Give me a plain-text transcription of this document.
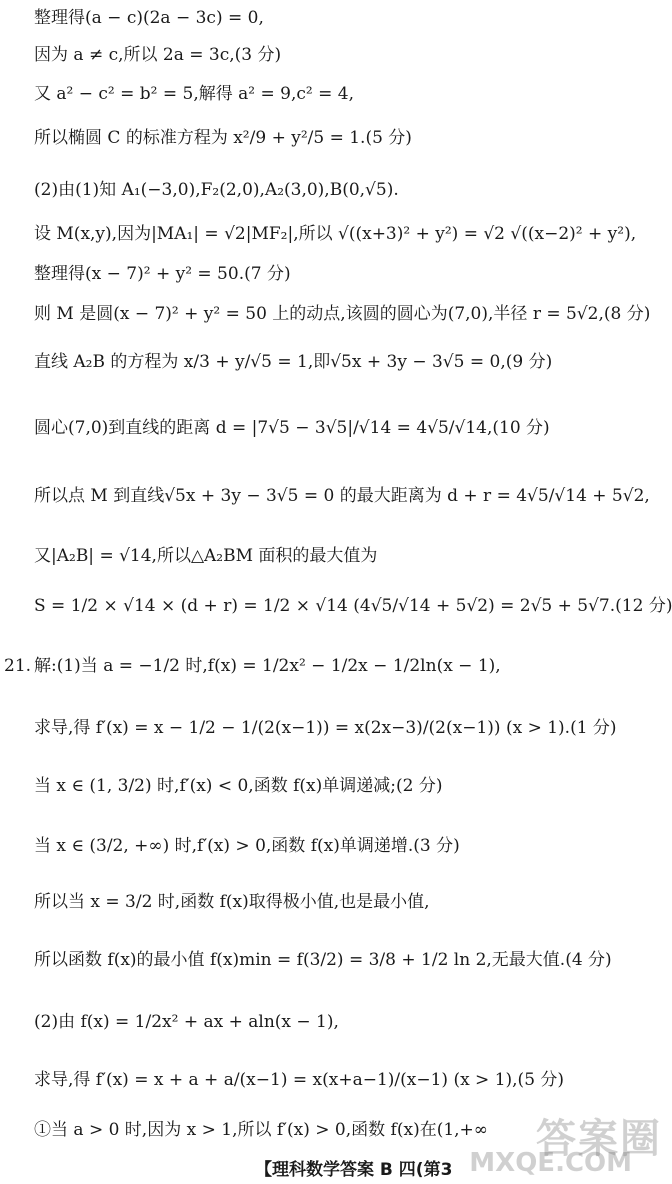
整理得(a − c)(2a − 3c) = 0,
因为 a ≠ c,所以 2a = 3c,(3 分)
又 a² − c² = b² = 5,解得 a² = 9,c² = 4,
所以椭圆 C 的标准方程为 x²/9 + y²/5 = 1.(5 分)
(2)由(1)知 A₁(−3,0),F₂(2,0),A₂(3,0),B(0,√5).
设 M(x,y),因为|MA₁| = √2|MF₂|,所以 √((x+3)² + y²) = √2 √((x−2)² + y²),
整理得(x − 7)² + y² = 50.(7 分)
则 M 是圆(x − 7)² + y² = 50 上的动点,该圆的圆心为(7,0),半径 r = 5√2,(8 分)
直线 A₂B 的方程为 x/3 + y/√5 = 1,即√5x + 3y − 3√5 = 0,(9 分)
圆心(7,0)到直线的距离 d = |7√5 − 3√5|/√14 = 4√5/√14,(10 分)
所以点 M 到直线√5x + 3y − 3√5 = 0 的最大距离为 d + r = 4√5/√14 + 5√2,
又|A₂B| = √14,所以△A₂BM 面积的最大值为
S = 1/2 × √14 × (d + r) = 1/2 × √14 (4√5/√14 + 5√2) = 2√5 + 5√7.(12 分)
21. 解:(1)当 a = −1/2 时,f(x) = 1/2x² − 1/2x − 1/2ln(x − 1),
求导,得 f′(x) = x − 1/2 − 1/(2(x−1)) = x(2x−3)/(2(x−1)) (x > 1).(1 分)
当 x ∈ (1, 3/2) 时,f′(x) < 0,函数 f(x)单调递减;(2 分)
当 x ∈ (3/2, +∞) 时,f′(x) > 0,函数 f(x)单调递增.(3 分)
所以当 x = 3/2 时,函数 f(x)取得极小值,也是最小值,
所以函数 f(x)的最小值 f(x)min = f(3/2) = 3/8 + 1/2 ln 2,无最大值.(4 分)
(2)由 f(x) = 1/2x² + ax + aln(x − 1),
求导,得 f′(x) = x + a + a/(x−1) = x(x+a−1)/(x−1) (x > 1),(5 分)
①当 a > 0 时,因为 x > 1,所以 f′(x) > 0,函数 f(x)在(1,+∞
【理科数学答案 B 四(第3
答案圈
MXQE.COM
